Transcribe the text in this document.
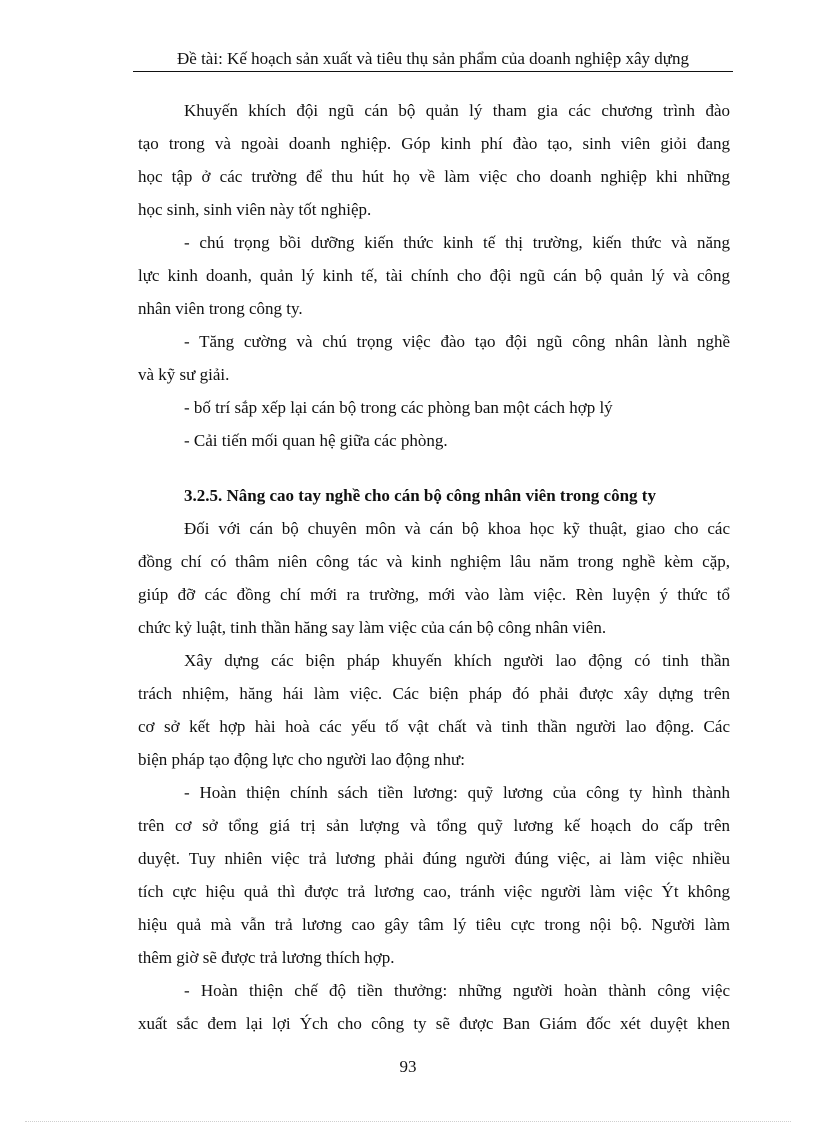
Đề tài: Kế hoạch sản xuất và tiêu thụ sản phẩm của doanh nghiệp xây dựng
Khuyến khích đội ngũ cán bộ quản lý tham gia các chương trình đào
tạo trong và ngoài doanh nghiệp. Góp kinh phí đào tạo, sinh viên giỏi đang
học tập ở các trường để thu hút họ về làm việc cho doanh nghiệp khi những
học sinh, sinh viên này tốt nghiệp.
- chú trọng bồi dưỡng kiến thức kinh tế thị trường, kiến thức và năng
lực kinh doanh, quản lý kinh tế, tài chính cho đội ngũ cán bộ quản lý và công
nhân viên trong công ty.
- Tăng cường và chú trọng việc đào tạo đội ngũ công nhân lành nghề
và kỹ sư giải.
- bố trí sắp xếp lại cán bộ trong các phòng ban một cách hợp lý
- Cải tiến mối quan hệ giữa các phòng.
3.2.5. Nâng cao tay nghề cho cán bộ công nhân viên trong công ty
Đối với cán bộ chuyên môn và cán bộ khoa học kỹ thuật, giao cho các
đồng chí có thâm niên công tác và kinh nghiệm lâu năm trong nghề kèm cặp,
giúp đỡ các đồng chí mới ra trường, mới vào làm việc. Rèn luyện ý thức tổ
chức kỷ luật, tinh thần hăng say làm việc của cán bộ công nhân viên.
Xây dựng các biện pháp khuyến khích người lao động có tinh thần
trách nhiệm, hăng hái làm việc. Các biện pháp đó phải được xây dựng trên
cơ sở kết hợp hài hoà các yếu tố vật chất và tinh thần người lao động. Các
biện pháp tạo động lực cho người lao động như:
- Hoàn thiện chính sách tiền lương: quỹ lương của công ty hình thành
trên cơ sở tổng giá trị sản lượng và tổng quỹ lương kế hoạch do cấp trên
duyệt. Tuy nhiên việc trả lương phải đúng người đúng việc, ai làm việc nhiều
tích cực hiệu quả thì được trả lương cao, tránh việc người làm việc Ýt không
hiệu quả mà vẫn trả lương cao gây tâm lý tiêu cực trong nội bộ. Người làm
thêm giờ sẽ được trả lương thích hợp.
- Hoàn thiện chế độ tiền thưởng: những người hoàn thành công việc
xuất sắc đem lại lợi Ých cho công ty sẽ được Ban Giám đốc xét duyệt khen
93
